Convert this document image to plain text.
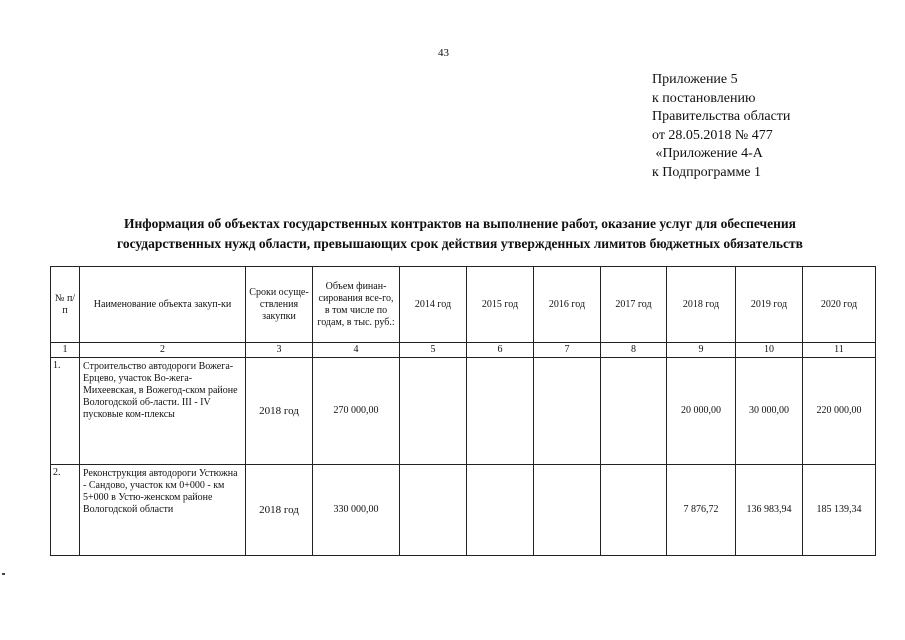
43
Приложение 5
к постановлению
Правительства области
от 28.05.2018 № 477
«Приложение 4-А
к Подпрограмме 1
Информация об объектах государственных контрактов на выполнение работ, оказание услуг для обеспечения
государственных нужд области, превышающих срок действия утвержденных лимитов бюджетных обязательств
№ п/п	Наименование объекта закуп-ки	Сроки осуще-ствления закупки	Объем финан-сирования все-го, в том числе по годам, в тыс. руб.:	2014 год	2015 год	2016 год	2017 год	2018 год	2019 год	2020 год
1	2	3	4	5	6	7	8	9	10	11
1.	Строительство автодороги Вожега-Ерцево, участок Во-жега-Михеевская, в Вожегод-ском районе Вологодской об-ласти. III - IV пусковые ком-плексы	2018 год	270 000,00					20 000,00	30 000,00	220 000,00
2.	Реконструкция автодороги Устюжна - Сандово, участок км 0+000 - км 5+000 в Устю-женском районе Вологодской области	2018 год	330 000,00					7 876,72	136 983,94	185 139,34
